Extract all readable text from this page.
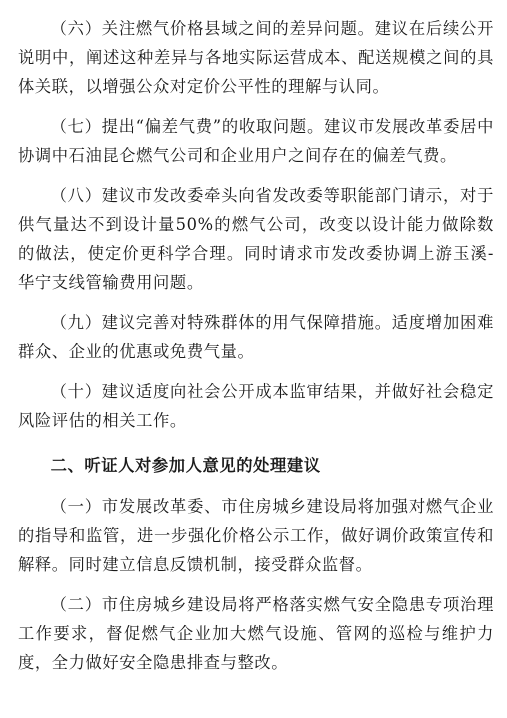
（六）关注燃气价格县域之间的差异问题。建议在后续公开说明中，阐述这种差异与各地实际运营成本、配送规模之间的具体关联，以增强公众对定价公平性的理解与认同。

（七）提出“偏差气费”的收取问题。建议市发展改革委居中协调中石油昆仑燃气公司和企业用户之间存在的偏差气费。

（八）建议市发改委牵头向省发改委等职能部门请示，对于供气量达不到设计量50%的燃气公司，改变以设计能力做除数的做法，使定价更科学合理。同时请求市发改委协调上游玉溪-华宁支线管输费用问题。

（九）建议完善对特殊群体的用气保障措施。适度增加困难群众、企业的优惠或免费气量。

（十）建议适度向社会公开成本监审结果，并做好社会稳定风险评估的相关工作。

二、听证人对参加人意见的处理建议

（一）市发展改革委、市住房城乡建设局将加强对燃气企业的指导和监管，进一步强化价格公示工作，做好调价政策宣传和解释。同时建立信息反馈机制，接受群众监督。

（二）市住房城乡建设局将严格落实燃气安全隐患专项治理工作要求，督促燃气企业加大燃气设施、管网的巡检与维护力度，全力做好安全隐患排查与整改。
